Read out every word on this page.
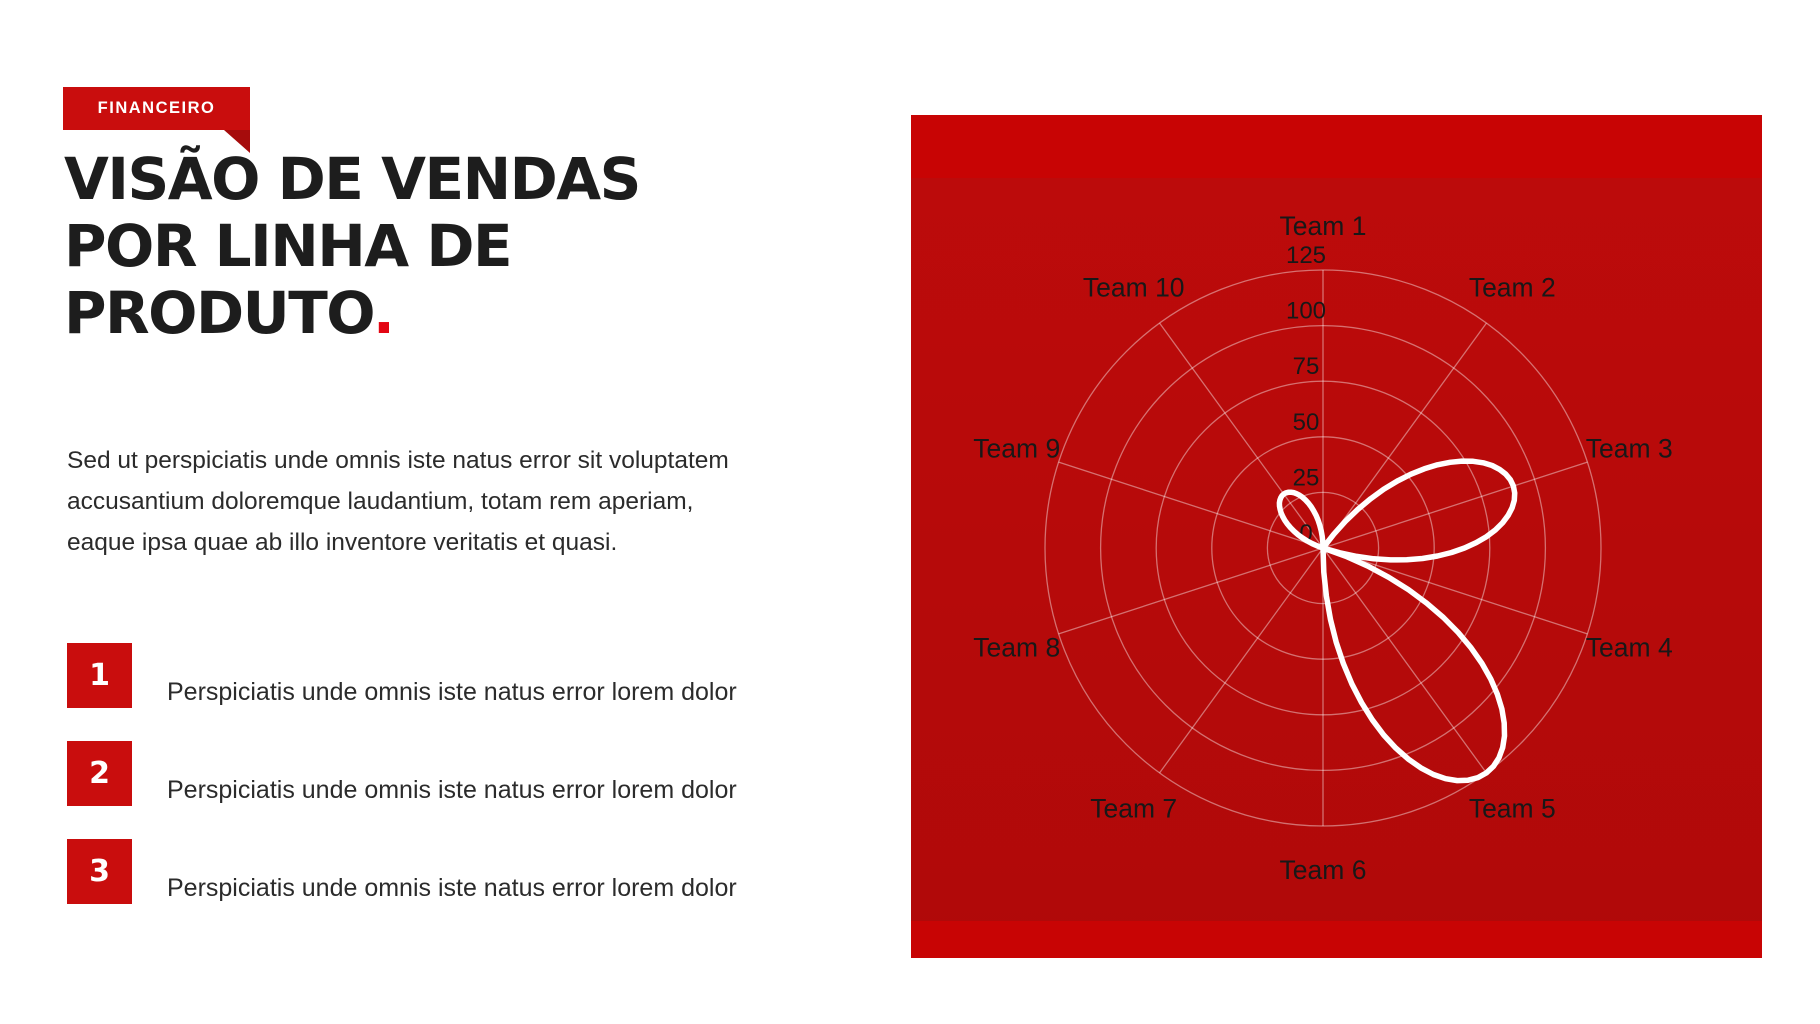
FINANCEIRO
VISÃO DE VENDAS
POR LINHA DE
PRODUTO.
Sed ut perspiciatis unde omnis iste natus error sit voluptatem
accusantium doloremque laudantium, totam rem aperiam,
eaque ipsa quae ab illo inventore veritatis et quasi.
1	Perspiciatis unde omnis iste natus error lorem dolor
2	Perspiciatis unde omnis iste natus error lorem dolor
3	Perspiciatis unde omnis iste natus error lorem dolor
0
25
50
75
100
125
Team 1
Team 2
Team 3
Team 4
Team 5
Team 6
Team 7
Team 8
Team 9
Team 10
